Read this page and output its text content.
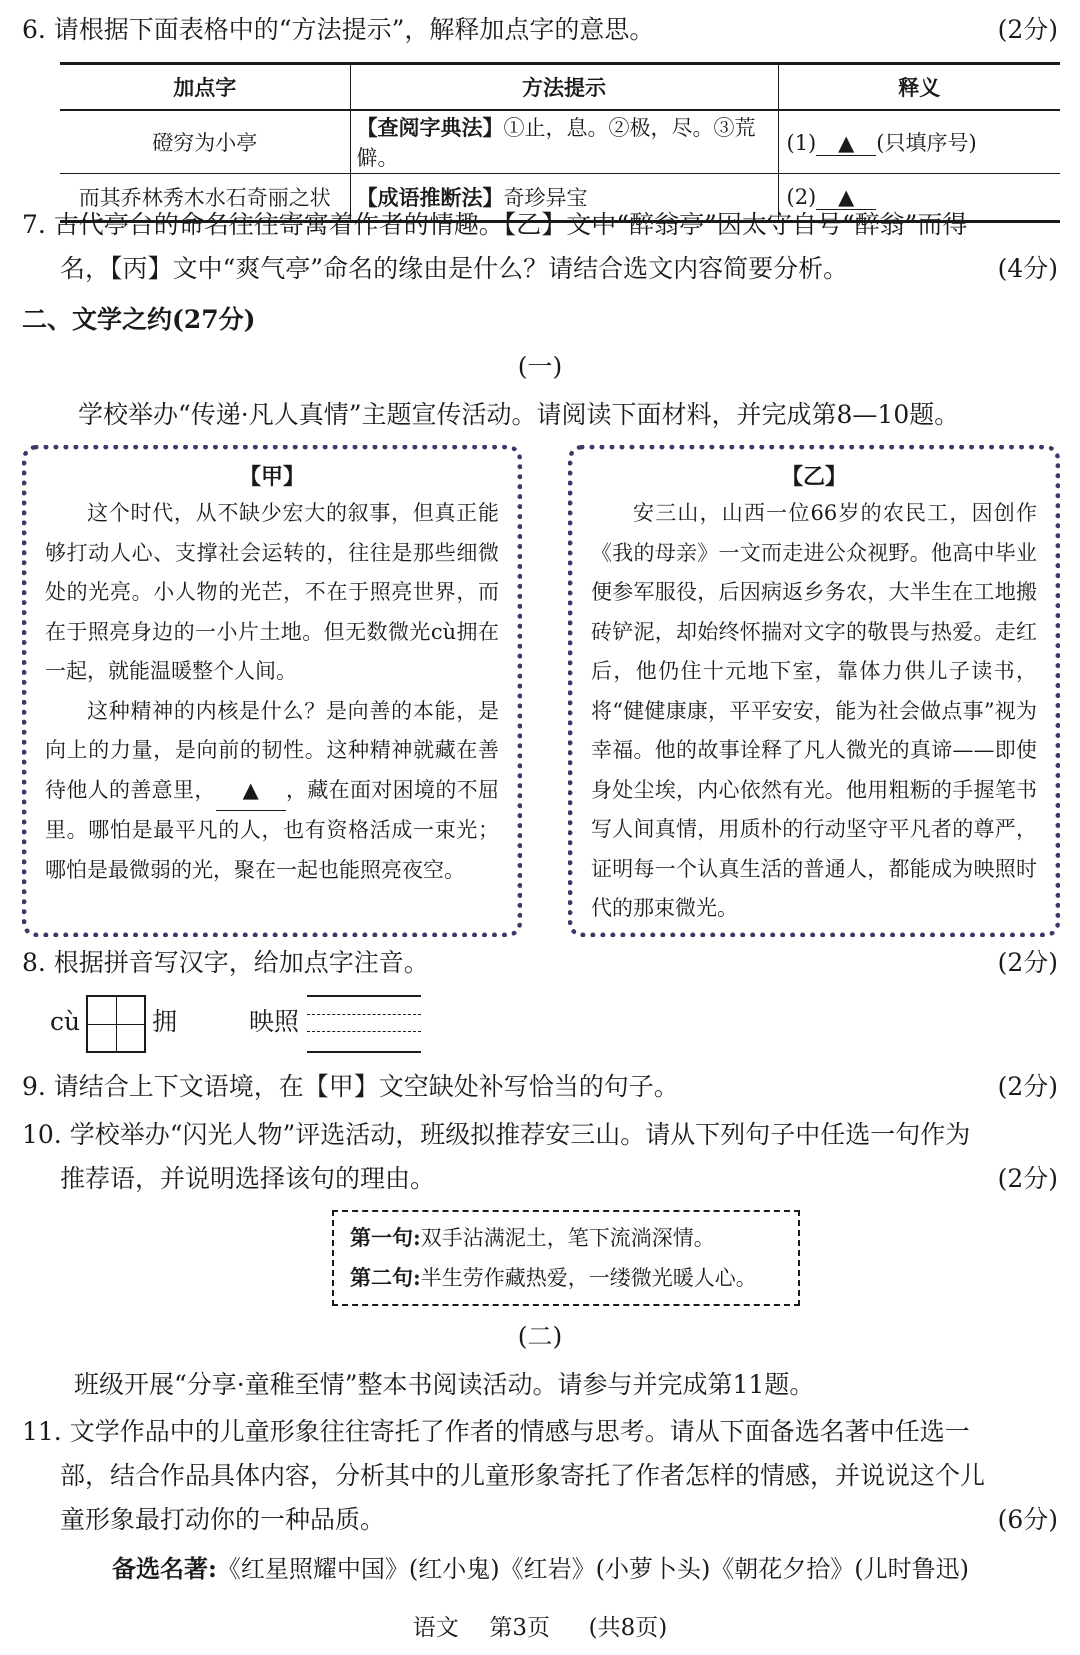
6. 请根据下面表格中的“方法提示”，解释加点字的意思。	(2分)
加点字	方法提示	释义
磴穷为小亭	【查阅字典法】①止，息。②极，尽。③荒僻。	(1) ▲ (只填序号)
而其乔林秀木水石奇丽之状	【成语推断法】奇珍异宝	(2) ▲
7. 古代亭台的命名往往寄寓着作者的情趣。【乙】文中“醉翁亭”因太守自号“醉翁”而得
名，【丙】文中“爽气亭”命名的缘由是什么？请结合选文内容简要分析。	(4分)
二、文学之约(27分)
(一)
学校举办“传递·凡人真情”主题宣传活动。请阅读下面材料，并完成第8—10题。
【甲】

这个时代，从不缺少宏大的叙事，但真正能够打动人心、支撑社会运转的，往往是那些细微处的光亮。小人物的光芒，不在于照亮世界，而在于照亮身边的一小片土地。但无数微光cù拥在一起，就能温暖整个人间。

这种精神的内核是什么？是向善的本能，是向上的力量，是向前的韧性。这种精神就藏在善待他人的善意里， ▲ ，藏在面对困境的不屈里。哪怕是最平凡的人，也有资格活成一束光；哪怕是最微弱的光，聚在一起也能照亮夜空。

【乙】

安三山，山西一位66岁的农民工，因创作《我的母亲》一文而走进公众视野。他高中毕业便参军服役，后因病返乡务农，大半生在工地搬砖铲泥，却始终怀揣对文字的敬畏与热爱。走红后，他仍住十元地下室，靠体力供儿子读书，将“健健康康，平平安安，能为社会做点事”视为幸福。他的故事诠释了凡人微光的真谛——即使身处尘埃，内心依然有光。他用粗粝的手握笔书写人间真情，用质朴的行动坚守平凡者的尊严，证明每一个认真生活的普通人，都能成为映照时代的那束微光。

8. 根据拼音写汉字，给加点字注音。	(2分)
cù	拥	映照
9. 请结合上下文语境，在【甲】文空缺处补写恰当的句子。	(2分)
10. 学校举办“闪光人物”评选活动，班级拟推荐安三山。请从下列句子中任选一句作为
推荐语，并说明选择该句的理由。	(2分)
第一句:双手沾满泥土，笔下流淌深情。
第二句:半生劳作藏热爱，一缕微光暖人心。
(二)
班级开展“分享·童稚至情”整本书阅读活动。请参与并完成第11题。
11. 文学作品中的儿童形象往往寄托了作者的情感与思考。请从下面备选名著中任选一
部，结合作品具体内容，分析其中的儿童形象寄托了作者怎样的情感，并说说这个儿
童形象最打动你的一种品质。	(6分)
备选名著:《红星照耀中国》(红小鬼)《红岩》(小萝卜头)《朝花夕拾》(儿时鲁迅)
语文 第3页 (共8页)
